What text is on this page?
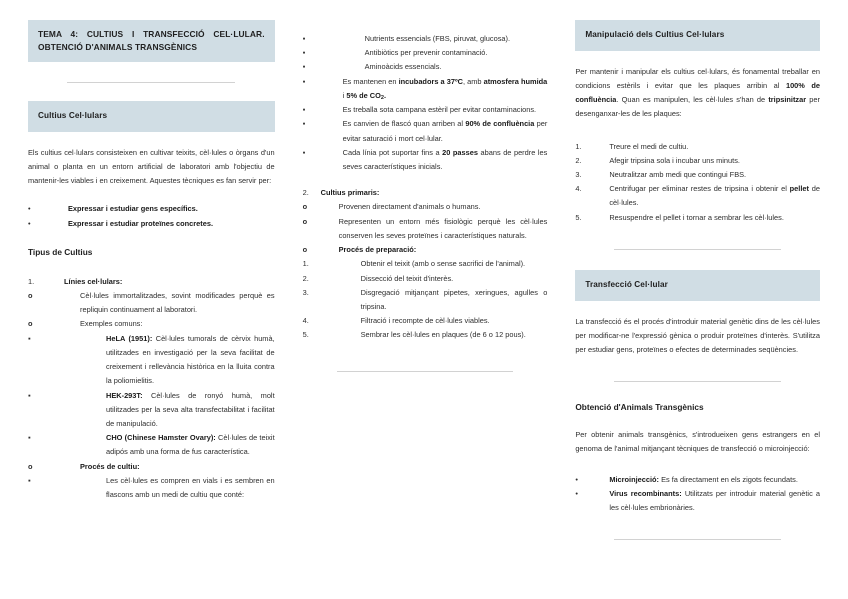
TEMA 4: CULTIUS I TRANSFECCIÓ CEL·LULAR.
OBTENCIÓ D'ANIMALS TRANSGÈNICS
Cultius Cel·lulars

Els cultius cel·lulars consisteixen en cultivar teixits, cèl·lules o òrgans d'un animal o planta en un entorn artificial de laboratori amb l'objectiu de mantenir-les viables i en creixement. Aquestes tècniques es fan servir per:

•	Expressar i estudiar gens específics.
•	Expressar i estudiar proteïnes concretes.
Tipus de Cultius
1.	Línies cel·lulars:
o	Cèl·lules immortalitzades, sovint modificades perquè es repliquin continuament al laboratori.
o	Exemples comuns:
▪	HeLA (1951): Cèl·lules tumorals de cèrvix humà, utilitzades en investigació per la seva facilitat de creixement i rellevància històrica en la lluita contra la poliomielitis.
▪	HEK-293T: Cèl·lules de ronyó humà, molt utilitzades per la seva alta transfectabilitat i facilitat de manipulació.
▪	CHO (Chinese Hamster Ovary): Cèl·lules de teixit adipós amb una forma de fus característica.
o	Procés de cultiu:
▪	Les cèl·lules es compren en vials i es sembren en flascons amb un medi de cultiu que conté:
▪	Nutrients essencials (FBS, piruvat, glucosa).
▪	Antibiòtics per prevenir contaminació.
▪	Aminoàcids essencials.
▪	Es mantenen en incubadors a 37ºC, amb atmosfera humida i 5% de $CO_2$.
▪	Es treballa sota campana estèril per evitar contaminacions.
▪	Es canvien de flascó quan arriben al 90% de confluència per evitar saturació i mort cel·lular.
▪	Cada línia pot suportar fins a 20 passes abans de perdre les seves característiques inicials.
2.	Cultius primaris:
o	Provenen directament d'animals o humans.
o	Representen un entorn més fisiològic perquè les cèl·lules conserven les seves proteïnes i característiques naturals.
o	Procés de preparació:
1.	Obtenir el teixit (amb o sense sacrifici de l'animal).
2.	Dissecció del teixit d'interès.
3.	Disgregació mitjançant pipetes, xeringues, agulles o tripsina.
4.	Filtració i recompte de cèl·lules viables.
5.	Sembrar les cèl·lules en plaques (de 6 o 12 pous).
Manipulació dels Cultius Cel·lulars

Per mantenir i manipular els cultius cel·lulars, és fonamental treballar en condicions estèrils i evitar que les plaques arribin al 100% de confluència. Quan es manipulen, les cèl·lules s'han de tripsinitzar per desenganxar-les de les plaques:

1.	Treure el medi de cultiu.
2.	Afegir tripsina sola i incubar uns minuts.
3.	Neutralitzar amb medi que contingui FBS.
4.	Centrifugar per eliminar restes de tripsina i obtenir el pellet de cèl·lules.
5.	Resuspendre el pellet i tornar a sembrar les cèl·lules.
Transfecció Cel·lular

La transfecció és el procés d'introduir material genètic dins de les cèl·lules per modificar-ne l'expressió gènica o produir proteïnes d'interès. S'utilitza per estudiar gens, proteïnes o efectes de determinades seqüències.

Obtenció d'Animals Transgènics

Per obtenir animals transgènics, s'introdueixen gens estrangers en el genoma de l'animal mitjançant tècniques de transfecció o microinjecció:

•	Microinjecció: Es fa directament en els zigots fecundats.
•	Virus recombinants: Utilitzats per introduir material genètic a les cèl·lules embrionàries.
